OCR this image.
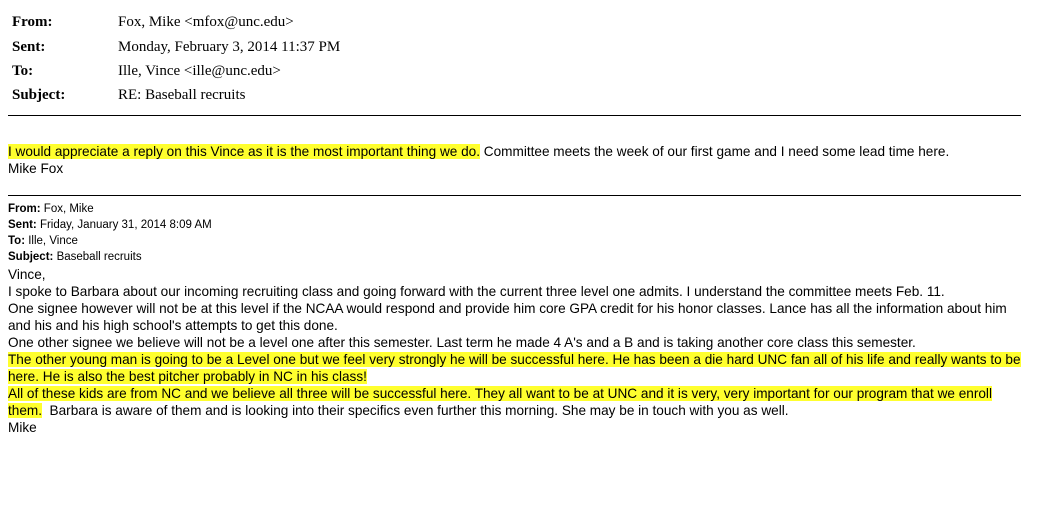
From:	Fox, Mike <mfox@unc.edu>
Sent:	Monday, February 3, 2014 11:37 PM
To:	Ille, Vince <ille@unc.edu>
Subject:	RE: Baseball recruits

I would appreciate a reply on this Vince as it is the most important thing we do. Committee meets the week of our first game and I need some lead time here.

Mike Fox

From: Fox, Mike
Sent: Friday, January 31, 2014 8:09 AM
To: Ille, Vince
Subject: Baseball recruits

Vince,

I spoke to Barbara about our incoming recruiting class and going forward with the current three level one admits. I understand the committee meets Feb. 11.

One signee however will not be at this level if the NCAA would respond and provide him core GPA credit for his honor classes. Lance has all the information about him and his and his high school's attempts to get this done.

One other signee we believe will not be a level one after this semester. Last term he made 4 A's and a B and is taking another core class this semester.

The other young man is going to be a Level one but we feel very strongly he will be successful here. He has been a die hard UNC fan all of his life and really wants to be here. He is also the best pitcher probably in NC in his class!

All of these kids are from NC and we believe all three will be successful here. They all want to be at UNC and it is very, very important for our program that we enroll them.  Barbara is aware of them and is looking into their specifics even further this morning. She may be in touch with you as well.

Mike
